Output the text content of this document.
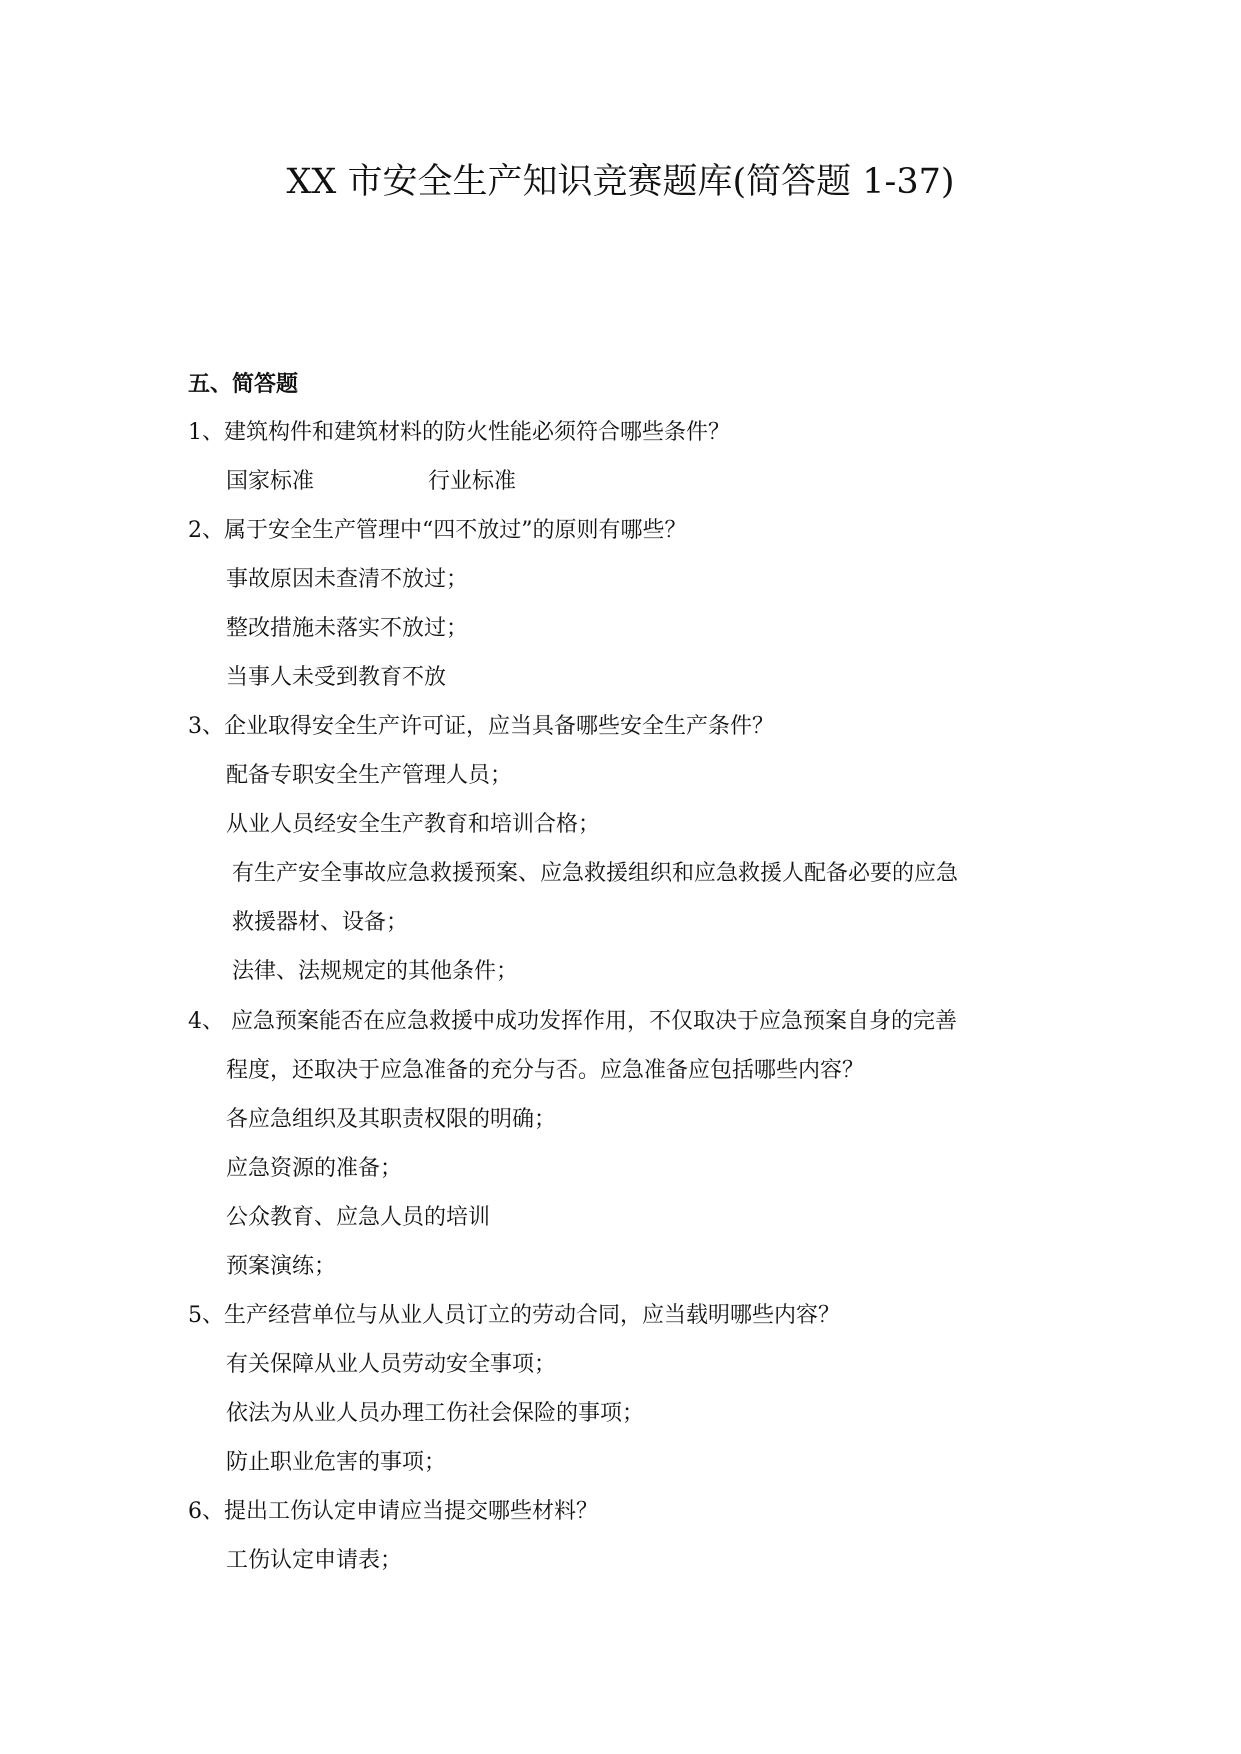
XX 市安全生产知识竞赛题库(简答题 1-37)
五、简答题
1、建筑构件和建筑材料的防火性能必须符合哪些条件？
国家标准	行业标准
2、属于安全生产管理中“四不放过”的原则有哪些？
事故原因未查清不放过；
整改措施未落实不放过；
当事人未受到教育不放
3、企业取得安全生产许可证，应当具备哪些安全生产条件？
配备专职安全生产管理人员；
从业人员经安全生产教育和培训合格；
有生产安全事故应急救援预案、应急救援组织和应急救援人配备必要的应急
救援器材、设备；
法律、法规规定的其他条件；
4、 应急预案能否在应急救援中成功发挥作用，不仅取决于应急预案自身的完善
程度，还取决于应急准备的充分与否。应急准备应包括哪些内容？
各应急组织及其职责权限的明确；
应急资源的准备；
公众教育、应急人员的培训
预案演练；
5、生产经营单位与从业人员订立的劳动合同，应当载明哪些内容？
有关保障从业人员劳动安全事项；
依法为从业人员办理工伤社会保险的事项；
防止职业危害的事项；
6、提出工伤认定申请应当提交哪些材料？
工伤认定申请表；
